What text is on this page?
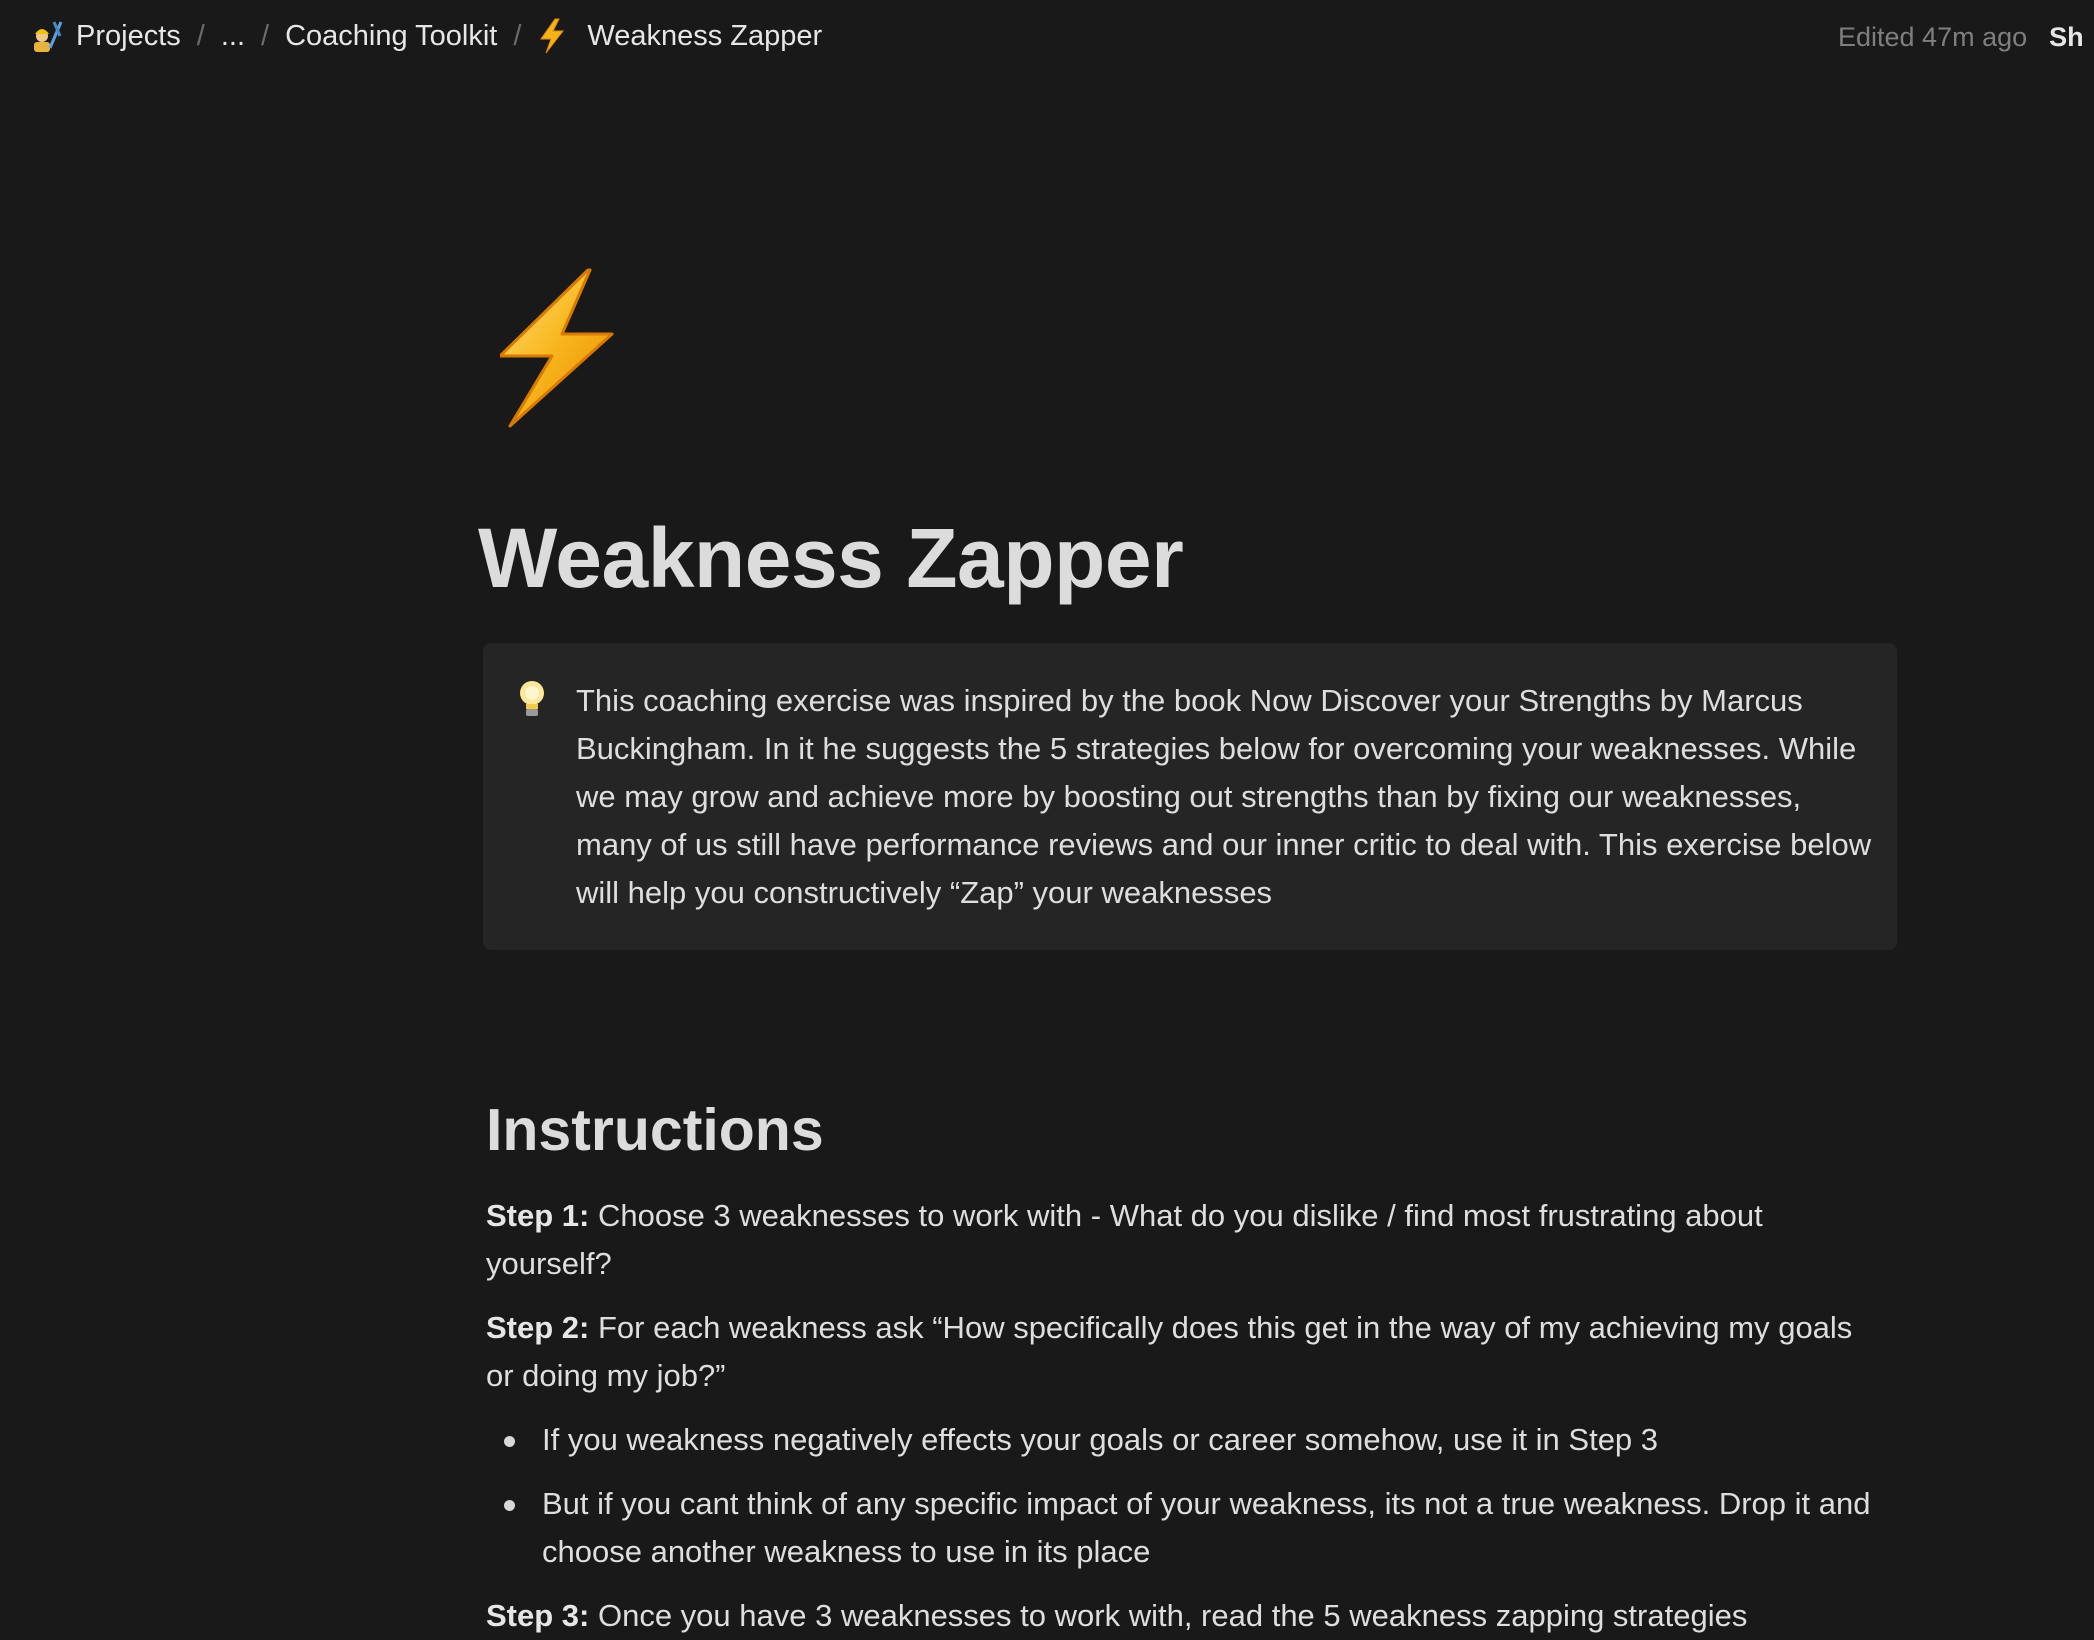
Projects / ... / Coaching Toolkit / Weakness Zapper	Edited 47m ago Sh
Weakness Zapper
This coaching exercise was inspired by the book Now Discover your Strengths by Marcus Buckingham. In it he suggests the 5 strategies below for overcoming your weaknesses. While we may grow and achieve more by boosting out strengths than by fixing our weaknesses, many of us still have performance reviews and our inner critic to deal with. This exercise below will help you constructively “Zap” your weaknesses
Instructions

Step 1: Choose 3 weaknesses to work with - What do you dislike / find most frustrating about yourself?

Step 2: For each weakness ask “How specifically does this get in the way of my achieving my goals or doing my job?”

If you weakness negatively effects your goals or career somehow, use it in Step 3
But if you cant think of any specific impact of your weakness, its not a true weakness. Drop it and choose another weakness to use in its place

Step 3: Once you have 3 weaknesses to work with, read the 5 weakness zapping strategies
